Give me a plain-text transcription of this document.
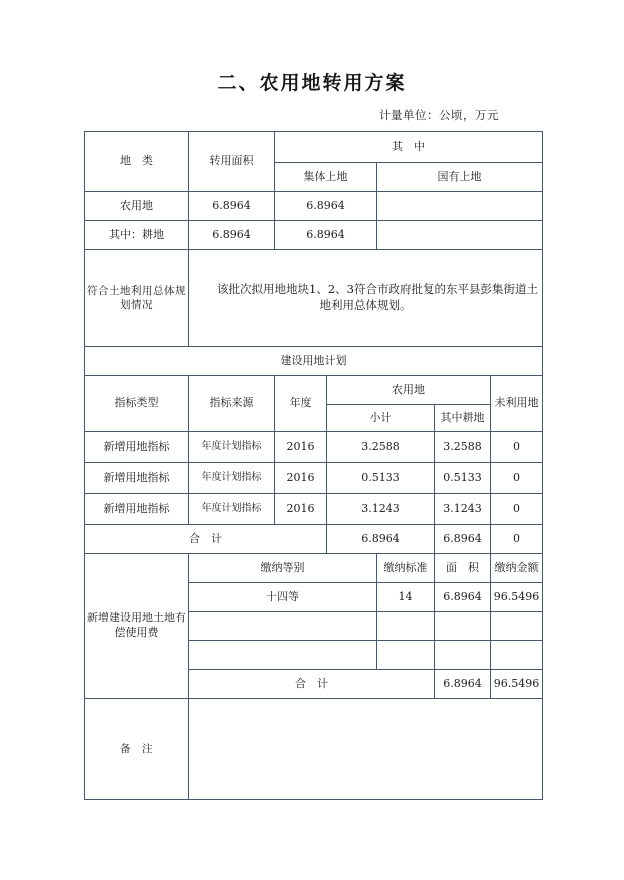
二、农用地转用方案
计量单位：公顷，万元
地　类	转用面积	其　中				
		集体上地		国有上地		
农用地	6.8964	6.8964				
其中：耕地	6.8964	6.8964				
符合土地利用总体规划情况	该批次拟用地地块1、2、3符合市政府批复的东平县彭集街道土地利用总体规划。					
建设用地计划						
指标类型	指标来源	年度	农用地			未利用地
			小计		其中耕地	
新增用地指标	年度计划指标	2016	3.2588		3.2588	0
新增用地指标	年度计划指标	2016	0.5133		0.5133	0
新增用地指标	年度计划指标	2016	3.1243		3.1243	0
合　计			6.8964		6.8964	0
新增建设用地土地有偿使用费	缴纳等别			缴纳标准	面　积	缴纳金额
	十四等			14	6.8964	96.5496

	合　计				6.8964	96.5496
备　注						
